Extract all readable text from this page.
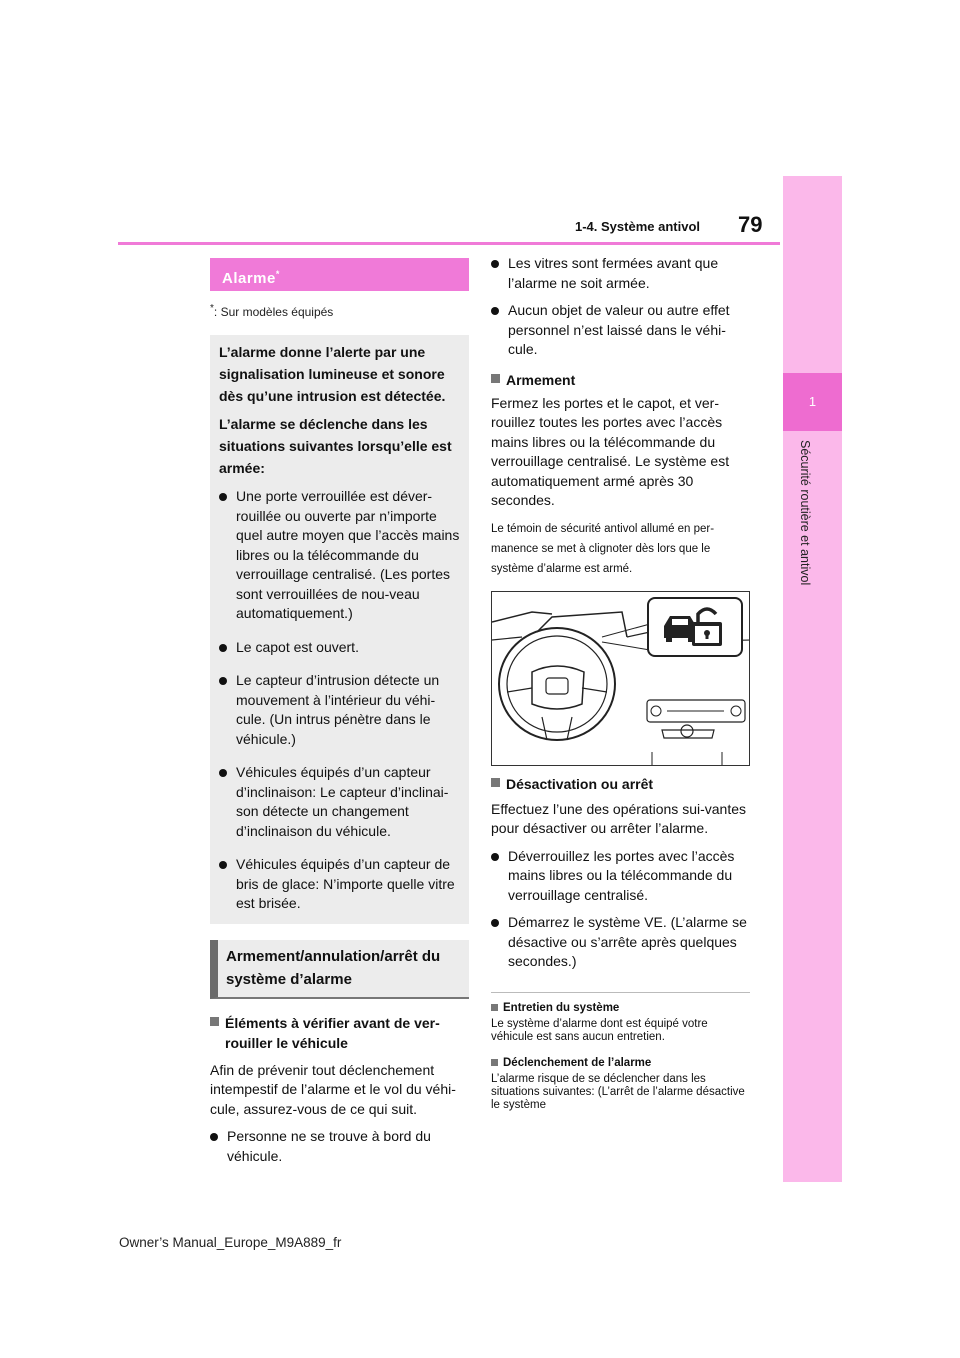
79
1-4. Système antivol
1
Sécurité routière et antivol
Alarme*
*: Sur modèles équipés
L’alarme donne l’alerte par une signalisation lumineuse et sonore dès qu’une intrusion est détectée.
L’alarme se déclenche dans les situations suivantes lorsqu’elle est armée:
Une porte verrouillée est déver-rouillée ou ouverte par n’importe quel autre moyen que l’accès mains libres ou la télécommande du verrouillage centralisé. (Les portes sont verrouillées de nou-veau automatiquement.)
Le capot est ouvert.
Le capteur d’intrusion détecte un mouvement à l’intérieur du véhi-cule. (Un intrus pénètre dans le véhicule.)
Véhicules équipés d’un capteur d’inclinaison: Le capteur d’inclinai-son détecte un changement d’inclinaison du véhicule.
Véhicules équipés d’un capteur de bris de glace: N’importe quelle vitre est brisée.
Armement/annulation/arrêt du système d’alarme
Éléments à vérifier avant de ver-rouiller le véhicule
Afin de prévenir tout déclenchement intempestif de l’alarme et le vol du véhi-cule, assurez-vous de ce qui suit.
Personne ne se trouve à bord du véhicule.
Les vitres sont fermées avant que l’alarme ne soit armée.
Aucun objet de valeur ou autre effet personnel n’est laissé dans le véhi-cule.
Armement
Fermez les portes et le capot, et ver-rouillez toutes les portes avec l’accès mains libres ou la télécommande du verrouillage centralisé. Le système est automatiquement armé après 30 secondes.
Le témoin de sécurité antivol allumé en per-manence se met à clignoter dès lors que le système d’alarme est armé.
Désactivation ou arrêt
Effectuez l’une des opérations sui-vantes pour désactiver ou arrêter l’alarme.
Déverrouillez les portes avec l’accès mains libres ou la télécommande du verrouillage centralisé.
Démarrez le système VE. (L’alarme se désactive ou s’arrête après quelques secondes.)
Entretien du système
Le système d’alarme dont est équipé votre véhicule est sans aucun entretien.
Déclenchement de l’alarme
L’alarme risque de se déclencher dans les situations suivantes: (L’arrêt de l’alarme désactive le système
Owner’s Manual_Europe_M9A889_fr
